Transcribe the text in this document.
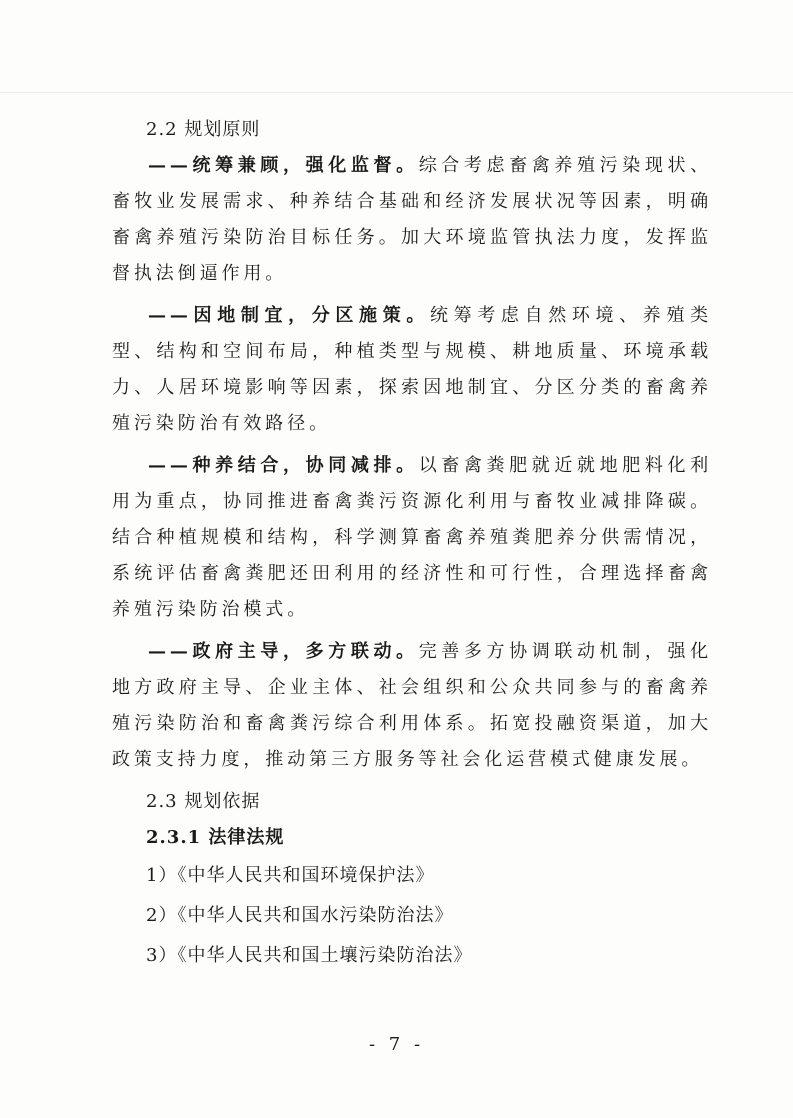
2.2 规划原则

——统筹兼顾，强化监督。综合考虑畜禽养殖污染现状、畜牧业发展需求、种养结合基础和经济发展状况等因素，明确畜禽养殖污染防治目标任务。加大环境监管执法力度，发挥监督执法倒逼作用。

——因地制宜，分区施策。统筹考虑自然环境、养殖类型、结构和空间布局，种植类型与规模、耕地质量、环境承载力、人居环境影响等因素，探索因地制宜、分区分类的畜禽养殖污染防治有效路径。

——种养结合，协同减排。以畜禽粪肥就近就地肥料化利用为重点，协同推进畜禽粪污资源化利用与畜牧业减排降碳。结合种植规模和结构，科学测算畜禽养殖粪肥养分供需情况，系统评估畜禽粪肥还田利用的经济性和可行性，合理选择畜禽养殖污染防治模式。

——政府主导，多方联动。完善多方协调联动机制，强化地方政府主导、企业主体、社会组织和公众共同参与的畜禽养殖污染防治和畜禽粪污综合利用体系。拓宽投融资渠道，加大政策支持力度，推动第三方服务等社会化运营模式健康发展。

2.3 规划依据
2.3.1 法律法规
1）《中华人民共和国环境保护法》
2）《中华人民共和国水污染防治法》
3）《中华人民共和国土壤污染防治法》
- 7 -
